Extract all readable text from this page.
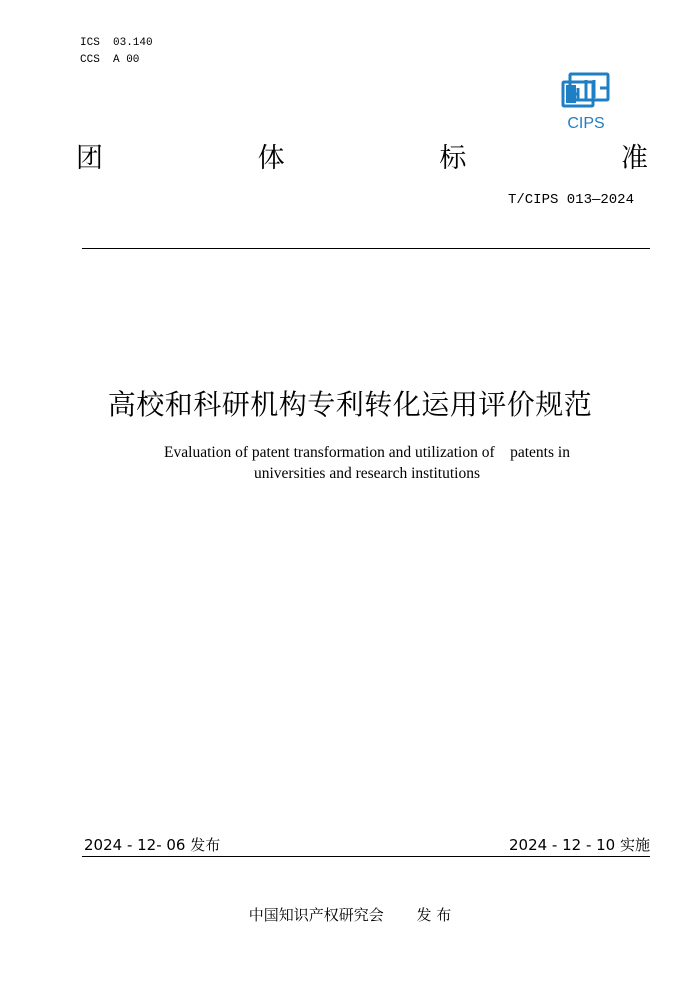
ICS  03.140
CCS  A 00
CIPS
团	体	标	准
T/CIPS 013—2024
高校和科研机构专利转化运用评价规范
Evaluation of patent transformation and utilization of    patents in
universities and research institutions
2024 - 12- 06 发布	2024 - 12 - 10 实施
中国知识产权研究会 发 布
